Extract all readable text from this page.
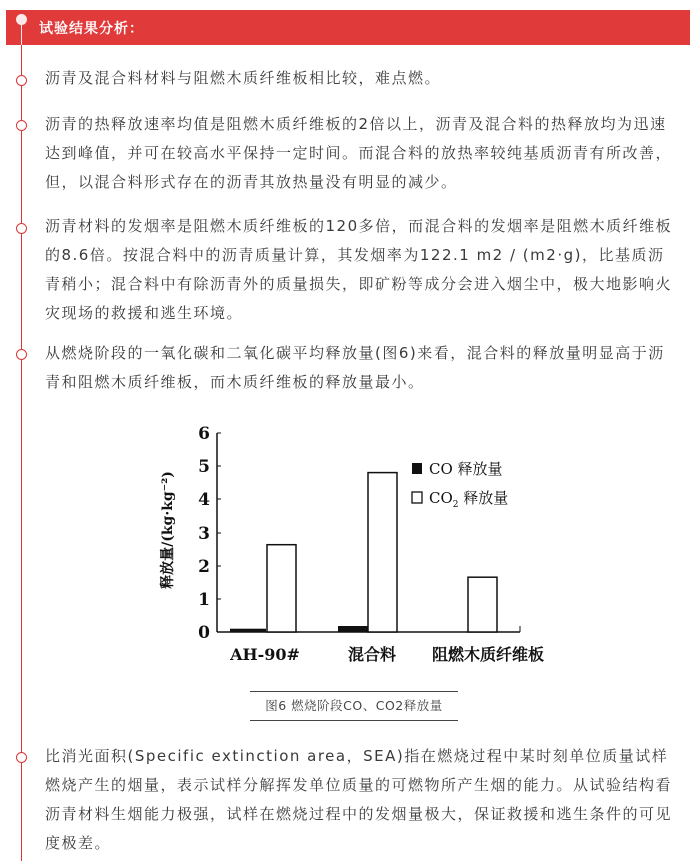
试验结果分析：

沥青及混合料材料与阻燃木质纤维板相比较，难点燃。

沥青的热释放速率均值是阻燃木质纤维板的2倍以上，沥青及混合料的热释放均为迅速达到峰值，并可在较高水平保持一定时间。而混合料的放热率较纯基质沥青有所改善，但，以混合料形式存在的沥青其放热量没有明显的减少。

沥青材料的发烟率是阻燃木质纤维板的120多倍，而混合料的发烟率是阻燃木质纤维板的8.6倍。按混合料中的沥青质量计算，其发烟率为122.1 m2 / (m2·g)，比基质沥青稍小；混合料中有除沥青外的质量损失，即矿粉等成分会进入烟尘中，极大地影响火灾现场的救援和逃生环境。

从燃烧阶段的一氧化碳和二氧化碳平均释放量(图6)来看，混合料的释放量明显高于沥青和阻燃木质纤维板，而木质纤维板的释放量最小。

释放量/(kg·kg⁻²)
6
5
4
3
2
1
0
CO 释放量
$CO_2$ 释放量
AH-90#	混合料 阻燃木质纤维板
图6 燃烧阶段CO、CO2释放量

比消光面积(Specific extinction area，SEA)指在燃烧过程中某时刻单位质量试样燃烧产生的烟量，表示试样分解挥发单位质量的可燃物所产生烟的能力。从试验结构看沥青材料生烟能力极强，试样在燃烧过程中的发烟量极大，保证救援和逃生条件的可见度极差。
